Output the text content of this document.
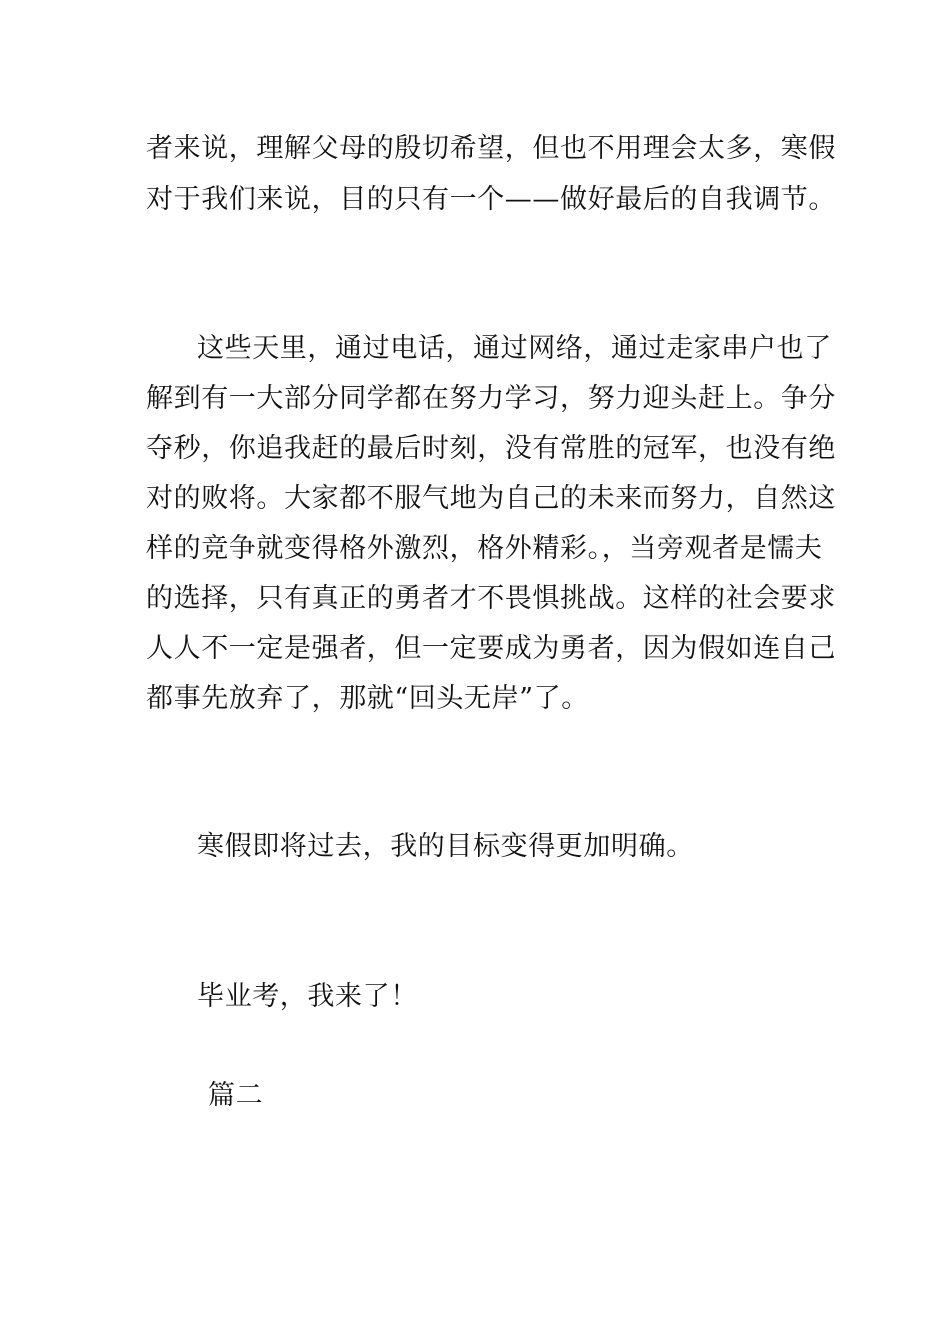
者来说，理解父母的殷切希望，但也不用理会太多，寒假
对于我们来说，目的只有一个——做好最后的自我调节。
这些天里，通过电话，通过网络，通过走家串户也了
解到有一大部分同学都在努力学习，努力迎头赶上。争分
夺秒，你追我赶的最后时刻，没有常胜的冠军，也没有绝
对的败将。大家都不服气地为自己的未来而努力，自然这
样的竞争就变得格外激烈，格外精彩。，当旁观者是懦夫
的选择，只有真正的勇者才不畏惧挑战。这样的社会要求
人人不一定是强者，但一定要成为勇者，因为假如连自己
都事先放弃了，那就“回头无岸”了。
寒假即将过去，我的目标变得更加明确。
毕业考，我来了！
篇二
